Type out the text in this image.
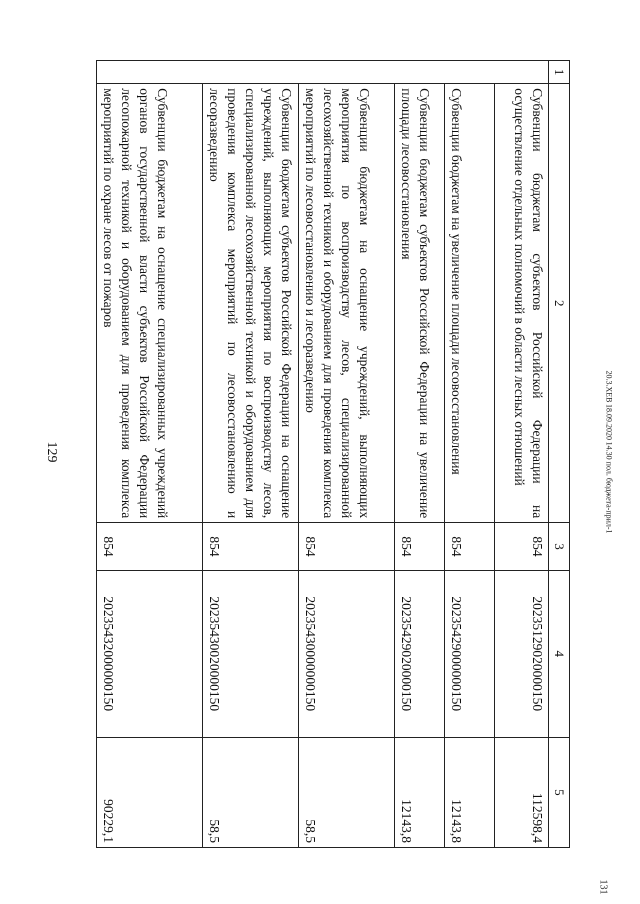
129	20.3.XEB 18.09.2020 14.30 пол. бюджета-прил-1
131
1	2	3	4	5
	Субвенции бюджетам субъектов Российской Федерации на осуществление отдельных полномочий в области лесных отношений	854	20235129020000150	112598,4
	Субвенции бюджетам на увеличение площади лесовосстановления	854	20235429000000150	12143,8
	Субвенции бюджетам субъектов Российской Федерации на увеличение площади лесовосстановления	854	20235429020000150	12143,8
	Субвенции бюджетам на оснащение учреждений, выполняющих мероприятия по воспроизводству лесов, специализированной лесохозяйственной техникой и оборудованием для проведения комплекса мероприятий по лесовосстановлению и лесоразведению	854	20235430000000150	58,5
	Субвенции бюджетам субъектов Российской Федерации на оснащение учреждений, выполняющих мероприятия по воспроизводству лесов, специализированной лесохозяйственной техникой и оборудованием для проведения комплекса мероприятий по лесовосстановлению и лесоразведению	854	20235430020000150	58,5
	Субвенции бюджетам на оснащение специализированных учреждений органов государственной власти субъектов Российской Федерации лесопожарной техникой и оборудованием для проведения комплекса мероприятий по охране лесов от пожаров	854	20235432000000150	90229,1
